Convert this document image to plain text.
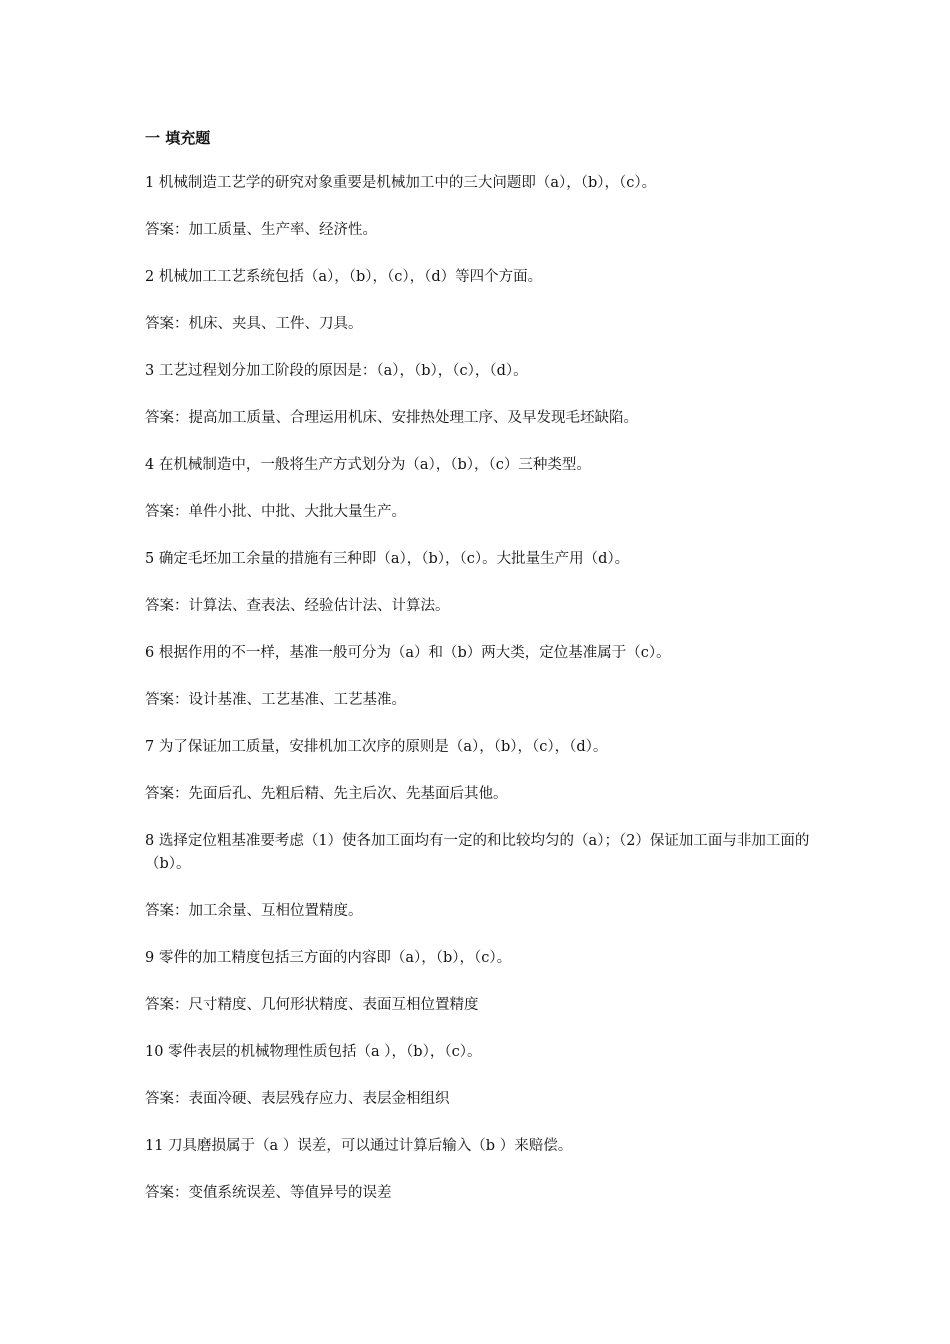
一 填充题

1 机械制造工艺学的研究对象重要是机械加工中的三大问题即（a），（b），（c）。

答案：加工质量、生产率、经济性。

2 机械加工工艺系统包括（a），（b），（c），（d）等四个方面。

答案：机床、夹具、工件、刀具。

3 工艺过程划分加工阶段的原因是：（a），（b），（c），（d）。

答案：提高加工质量、合理运用机床、安排热处理工序、及早发现毛坯缺陷。

4 在机械制造中，一般将生产方式划分为（a），（b），（c）三种类型。

答案：单件小批、中批、大批大量生产。

5 确定毛坯加工余量的措施有三种即（a），（b），（c）。大批量生产用（d）。

答案：计算法、查表法、经验估计法、计算法。

6 根据作用的不一样，基准一般可分为（a）和（b）两大类，定位基准属于（c）。

答案：设计基准、工艺基准、工艺基准。

7 为了保证加工质量，安排机加工次序的原则是（a），（b），（c），（d）。

答案：先面后孔、先粗后精、先主后次、先基面后其他。

8 选择定位粗基准要考虑（1）使各加工面均有一定的和比较均匀的（a）；（2）保证加工面与非加工面的（b）。

答案：加工余量、互相位置精度。

9 零件的加工精度包括三方面的内容即（a），（b），（c）。

答案：尺寸精度、几何形状精度、表面互相位置精度

10 零件表层的机械物理性质包括（a ），（b），（c）。

答案：表面冷硬、表层残存应力、表层金相组织

11 刀具磨损属于（a ）误差，可以通过计算后输入（b ）来赔偿。

答案：变值系统误差、等值异号的误差
